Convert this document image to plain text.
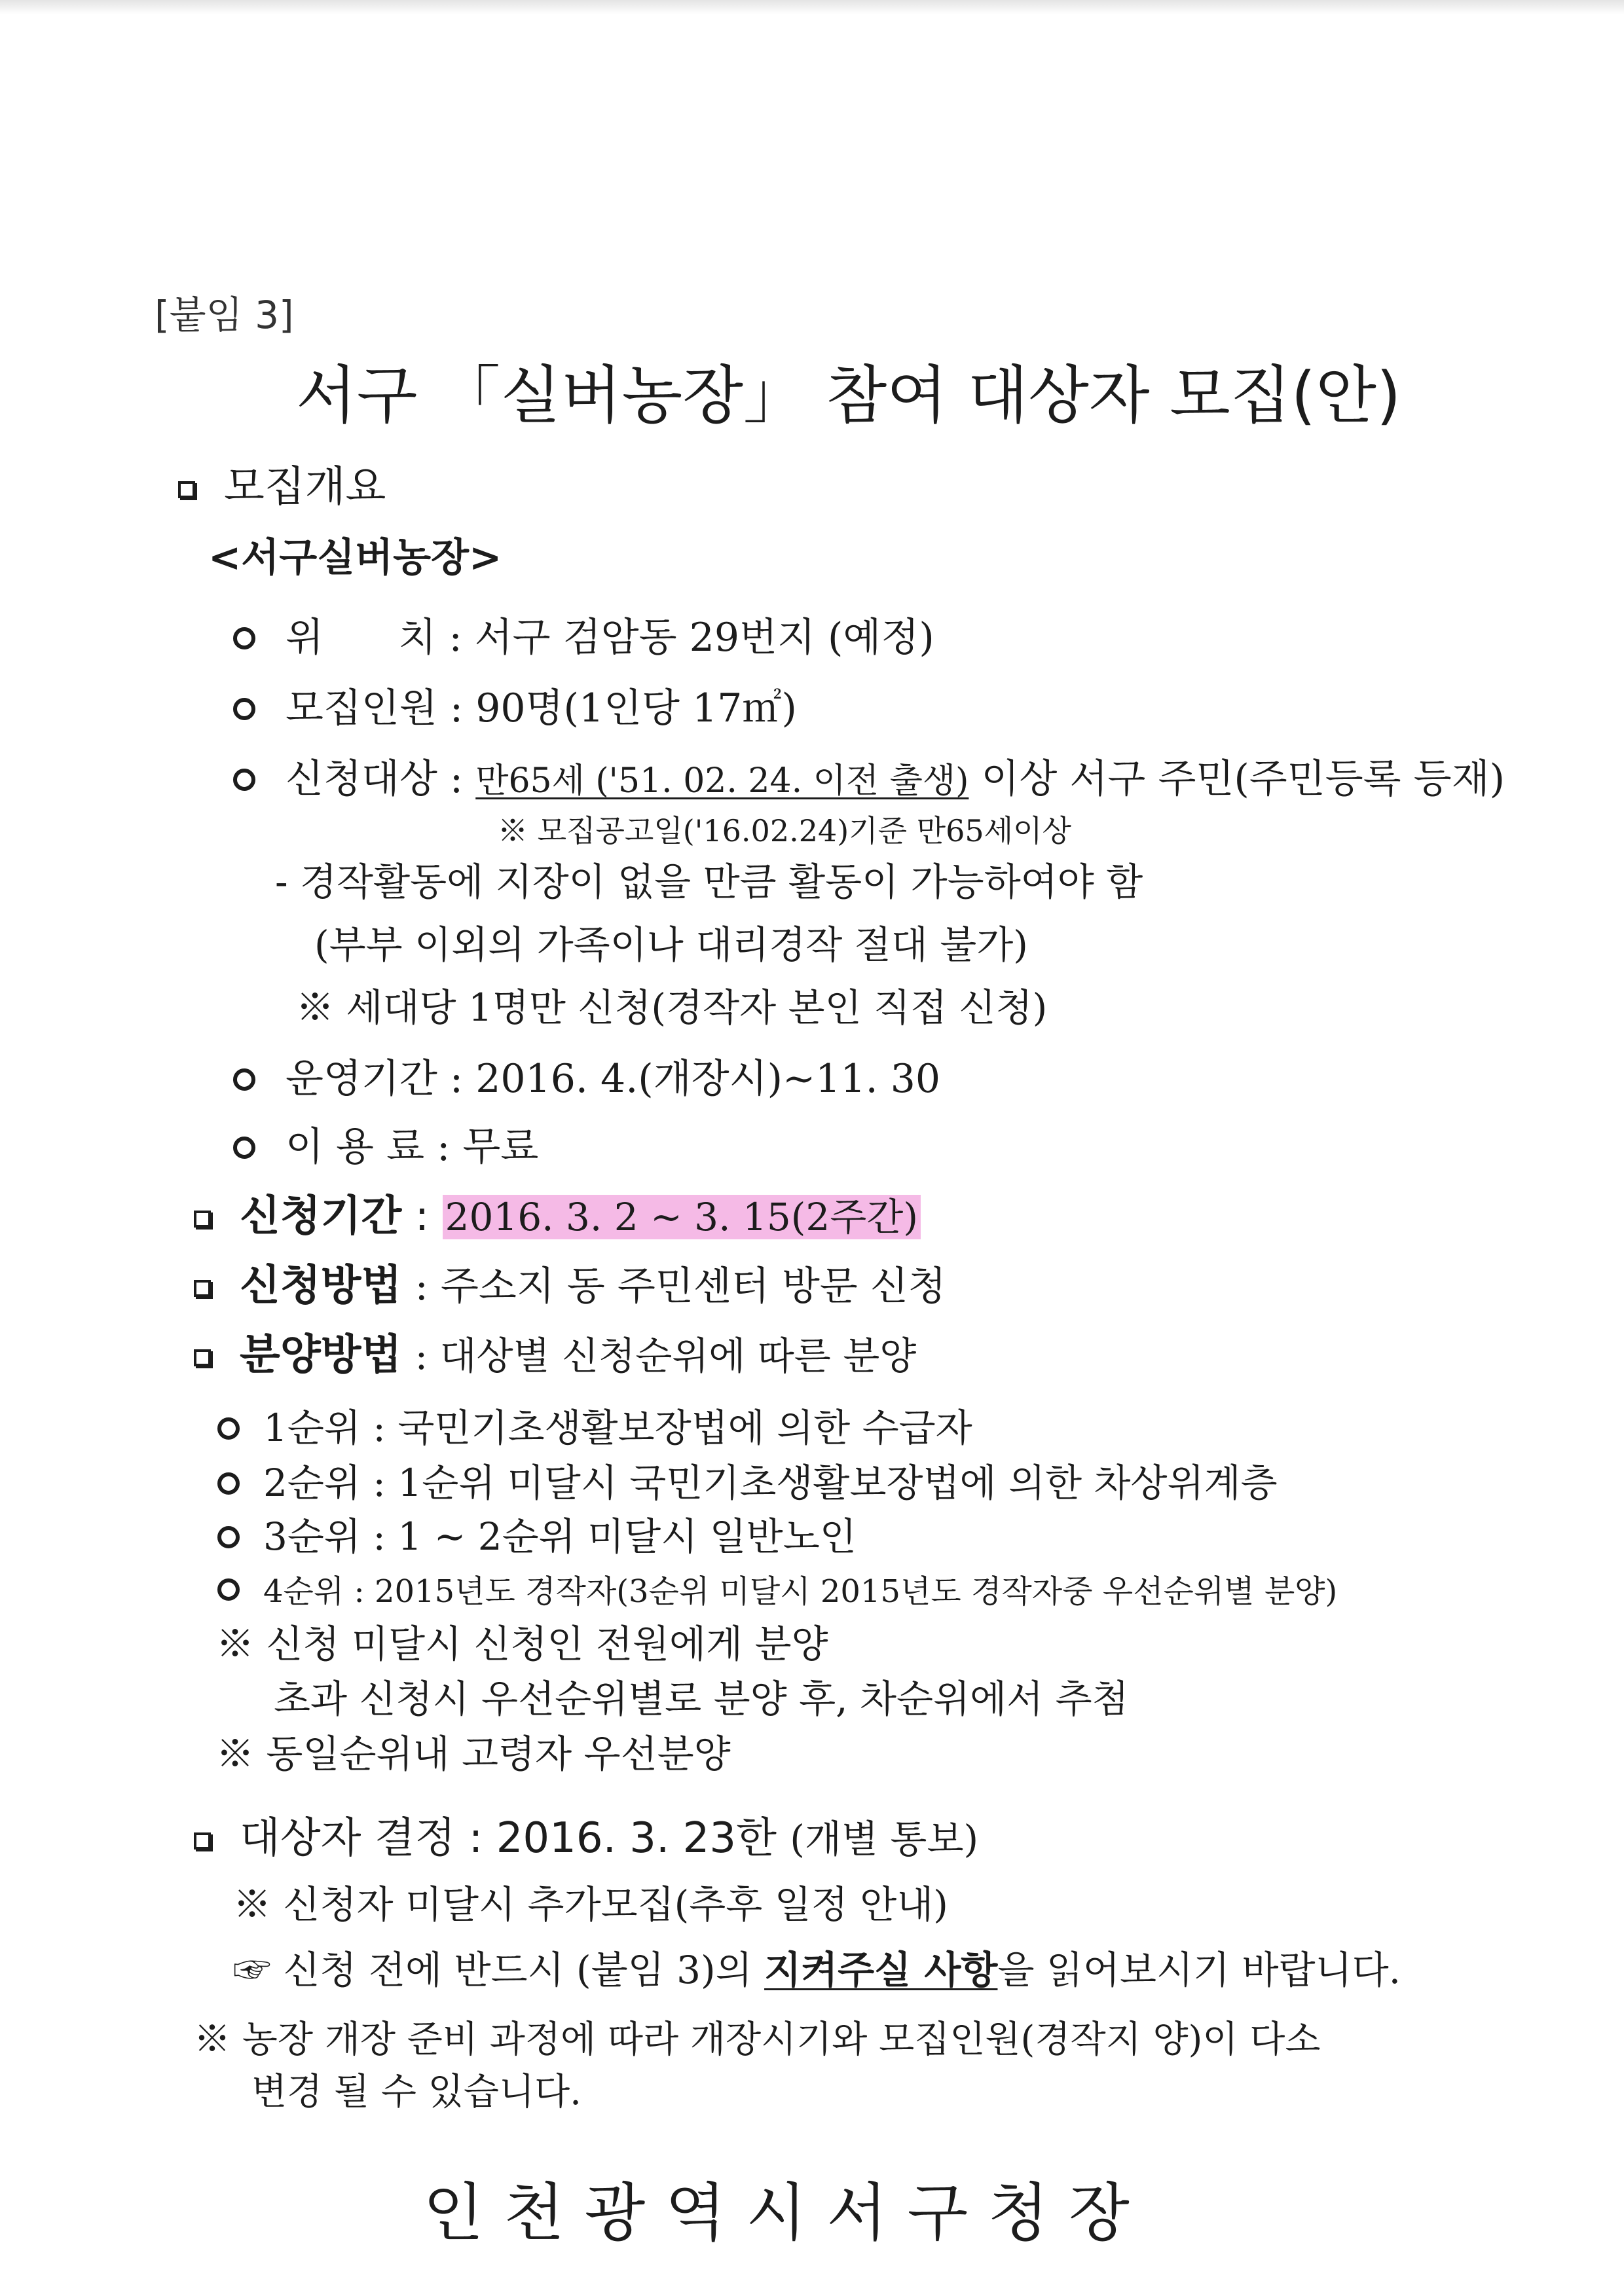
[붙임 3]
서구 「실버농장」 참여 대상자 모집(안)
모집개요
<서구실버농장>
위      치 : 서구 검암동 29번지 (예정)
모집인원 : 90명(1인당 17㎡)
신청대상 : 만65세 ('51. 02. 24. 이전 출생) 이상 서구 주민(주민등록 등재)
※ 모집공고일('16.02.24)기준 만65세이상
- 경작활동에 지장이 없을 만큼 활동이 가능하여야 함
(부부 이외의 가족이나 대리경작 절대 불가)
※ 세대당 1명만 신청(경작자 본인 직접 신청)
운영기간 : 2016. 4.(개장시)~11. 30
이 용 료 : 무료
신청기간 : 2016. 3. 2 ~ 3. 15(2주간)
신청방법 : 주소지 동 주민센터 방문 신청
분양방법 : 대상별 신청순위에 따른 분양
1순위 : 국민기초생활보장법에 의한 수급자
2순위 : 1순위 미달시 국민기초생활보장법에 의한 차상위계층
3순위 : 1 ~ 2순위 미달시 일반노인
4순위 : 2015년도 경작자(3순위 미달시 2015년도 경작자중 우선순위별 분양)
※ 신청 미달시 신청인 전원에게 분양
초과 신청시 우선순위별로 분양 후, 차순위에서 추첨
※ 동일순위내 고령자 우선분양
대상자 결정 : 2016. 3. 23한 (개별 통보)
※ 신청자 미달시 추가모집(추후 일정 안내)
☞ 신청 전에 반드시 (붙임 3)의 지켜주실 사항을 읽어보시기 바랍니다.
※ 농장 개장 준비 과정에 따라 개장시기와 모집인원(경작지 양)이 다소
변경 될 수 있습니다.
인 천 광 역 시 서 구 청 장
